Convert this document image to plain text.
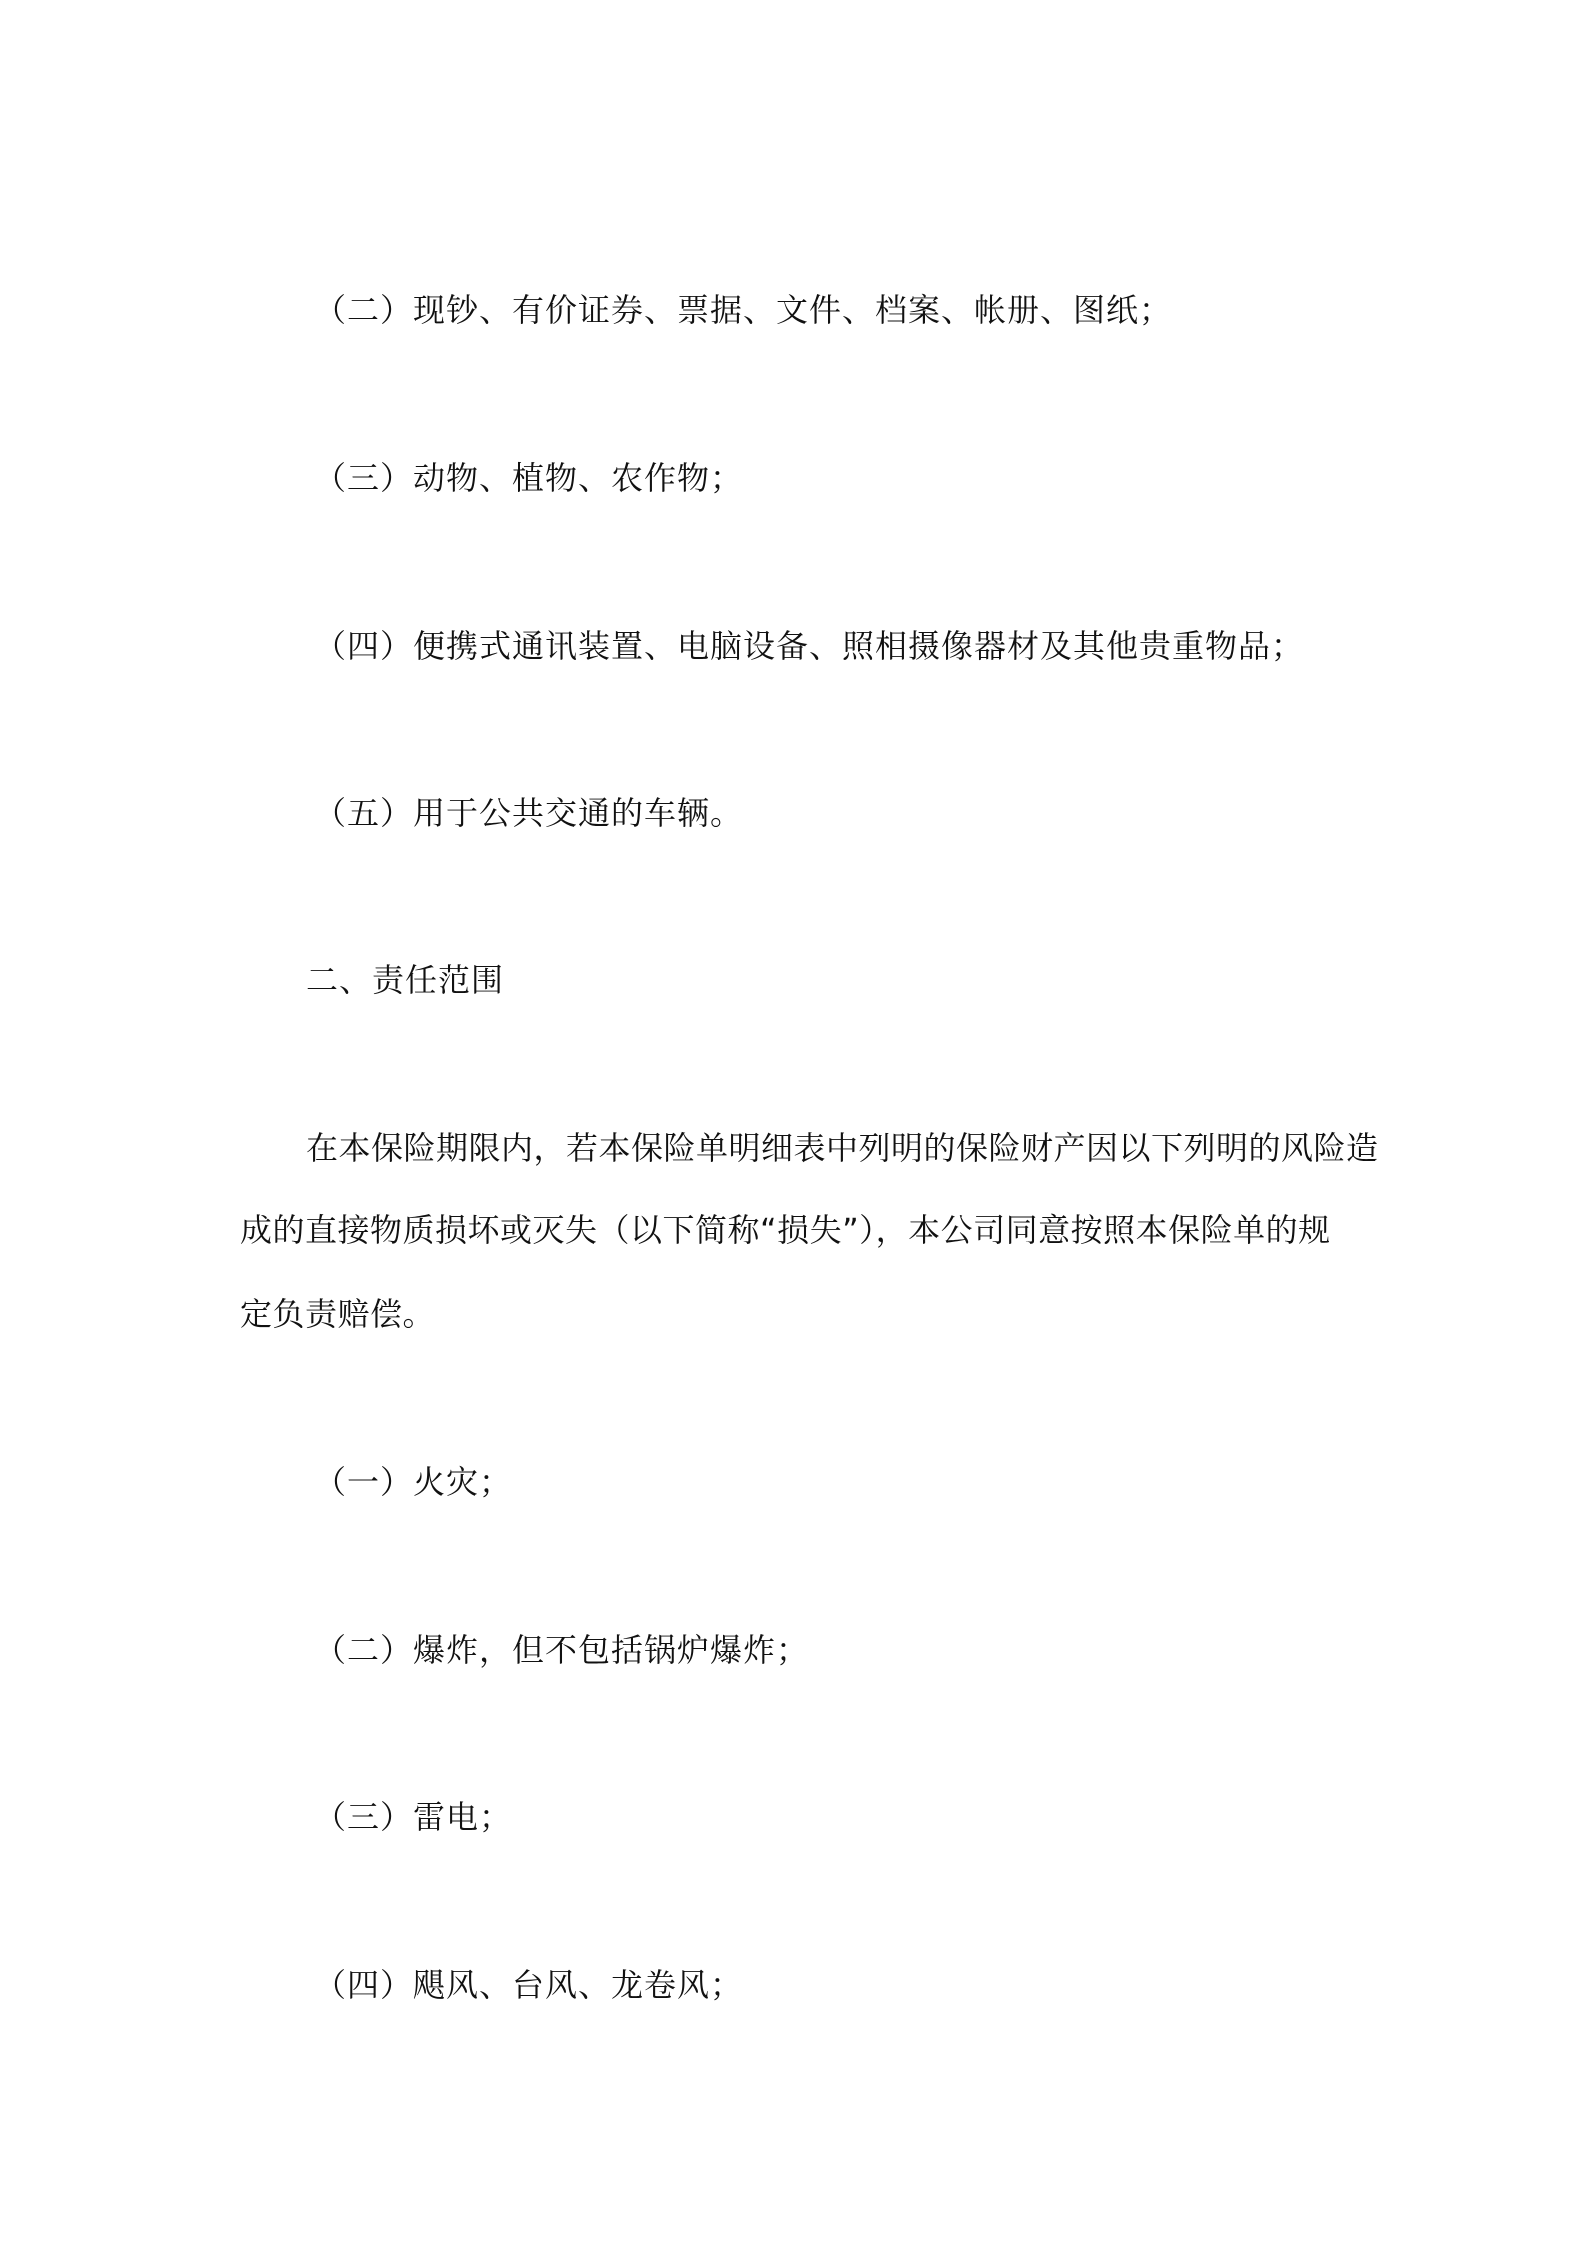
（二）现钞、有价证券、票据、文件、档案、帐册、图纸；
（三）动物、植物、农作物；
（四）便携式通讯装置、电脑设备、照相摄像器材及其他贵重物品；
（五）用于公共交通的车辆。
二、责任范围
在本保险期限内，若本保险单明细表中列明的保险财产因以下列明的风险造
成的直接物质损坏或灭失（以下简称“损失”），本公司同意按照本保险单的规
定负责赔偿。
（一）火灾；
（二）爆炸，但不包括锅炉爆炸；
（三）雷电；
（四）飓风、台风、龙卷风；
